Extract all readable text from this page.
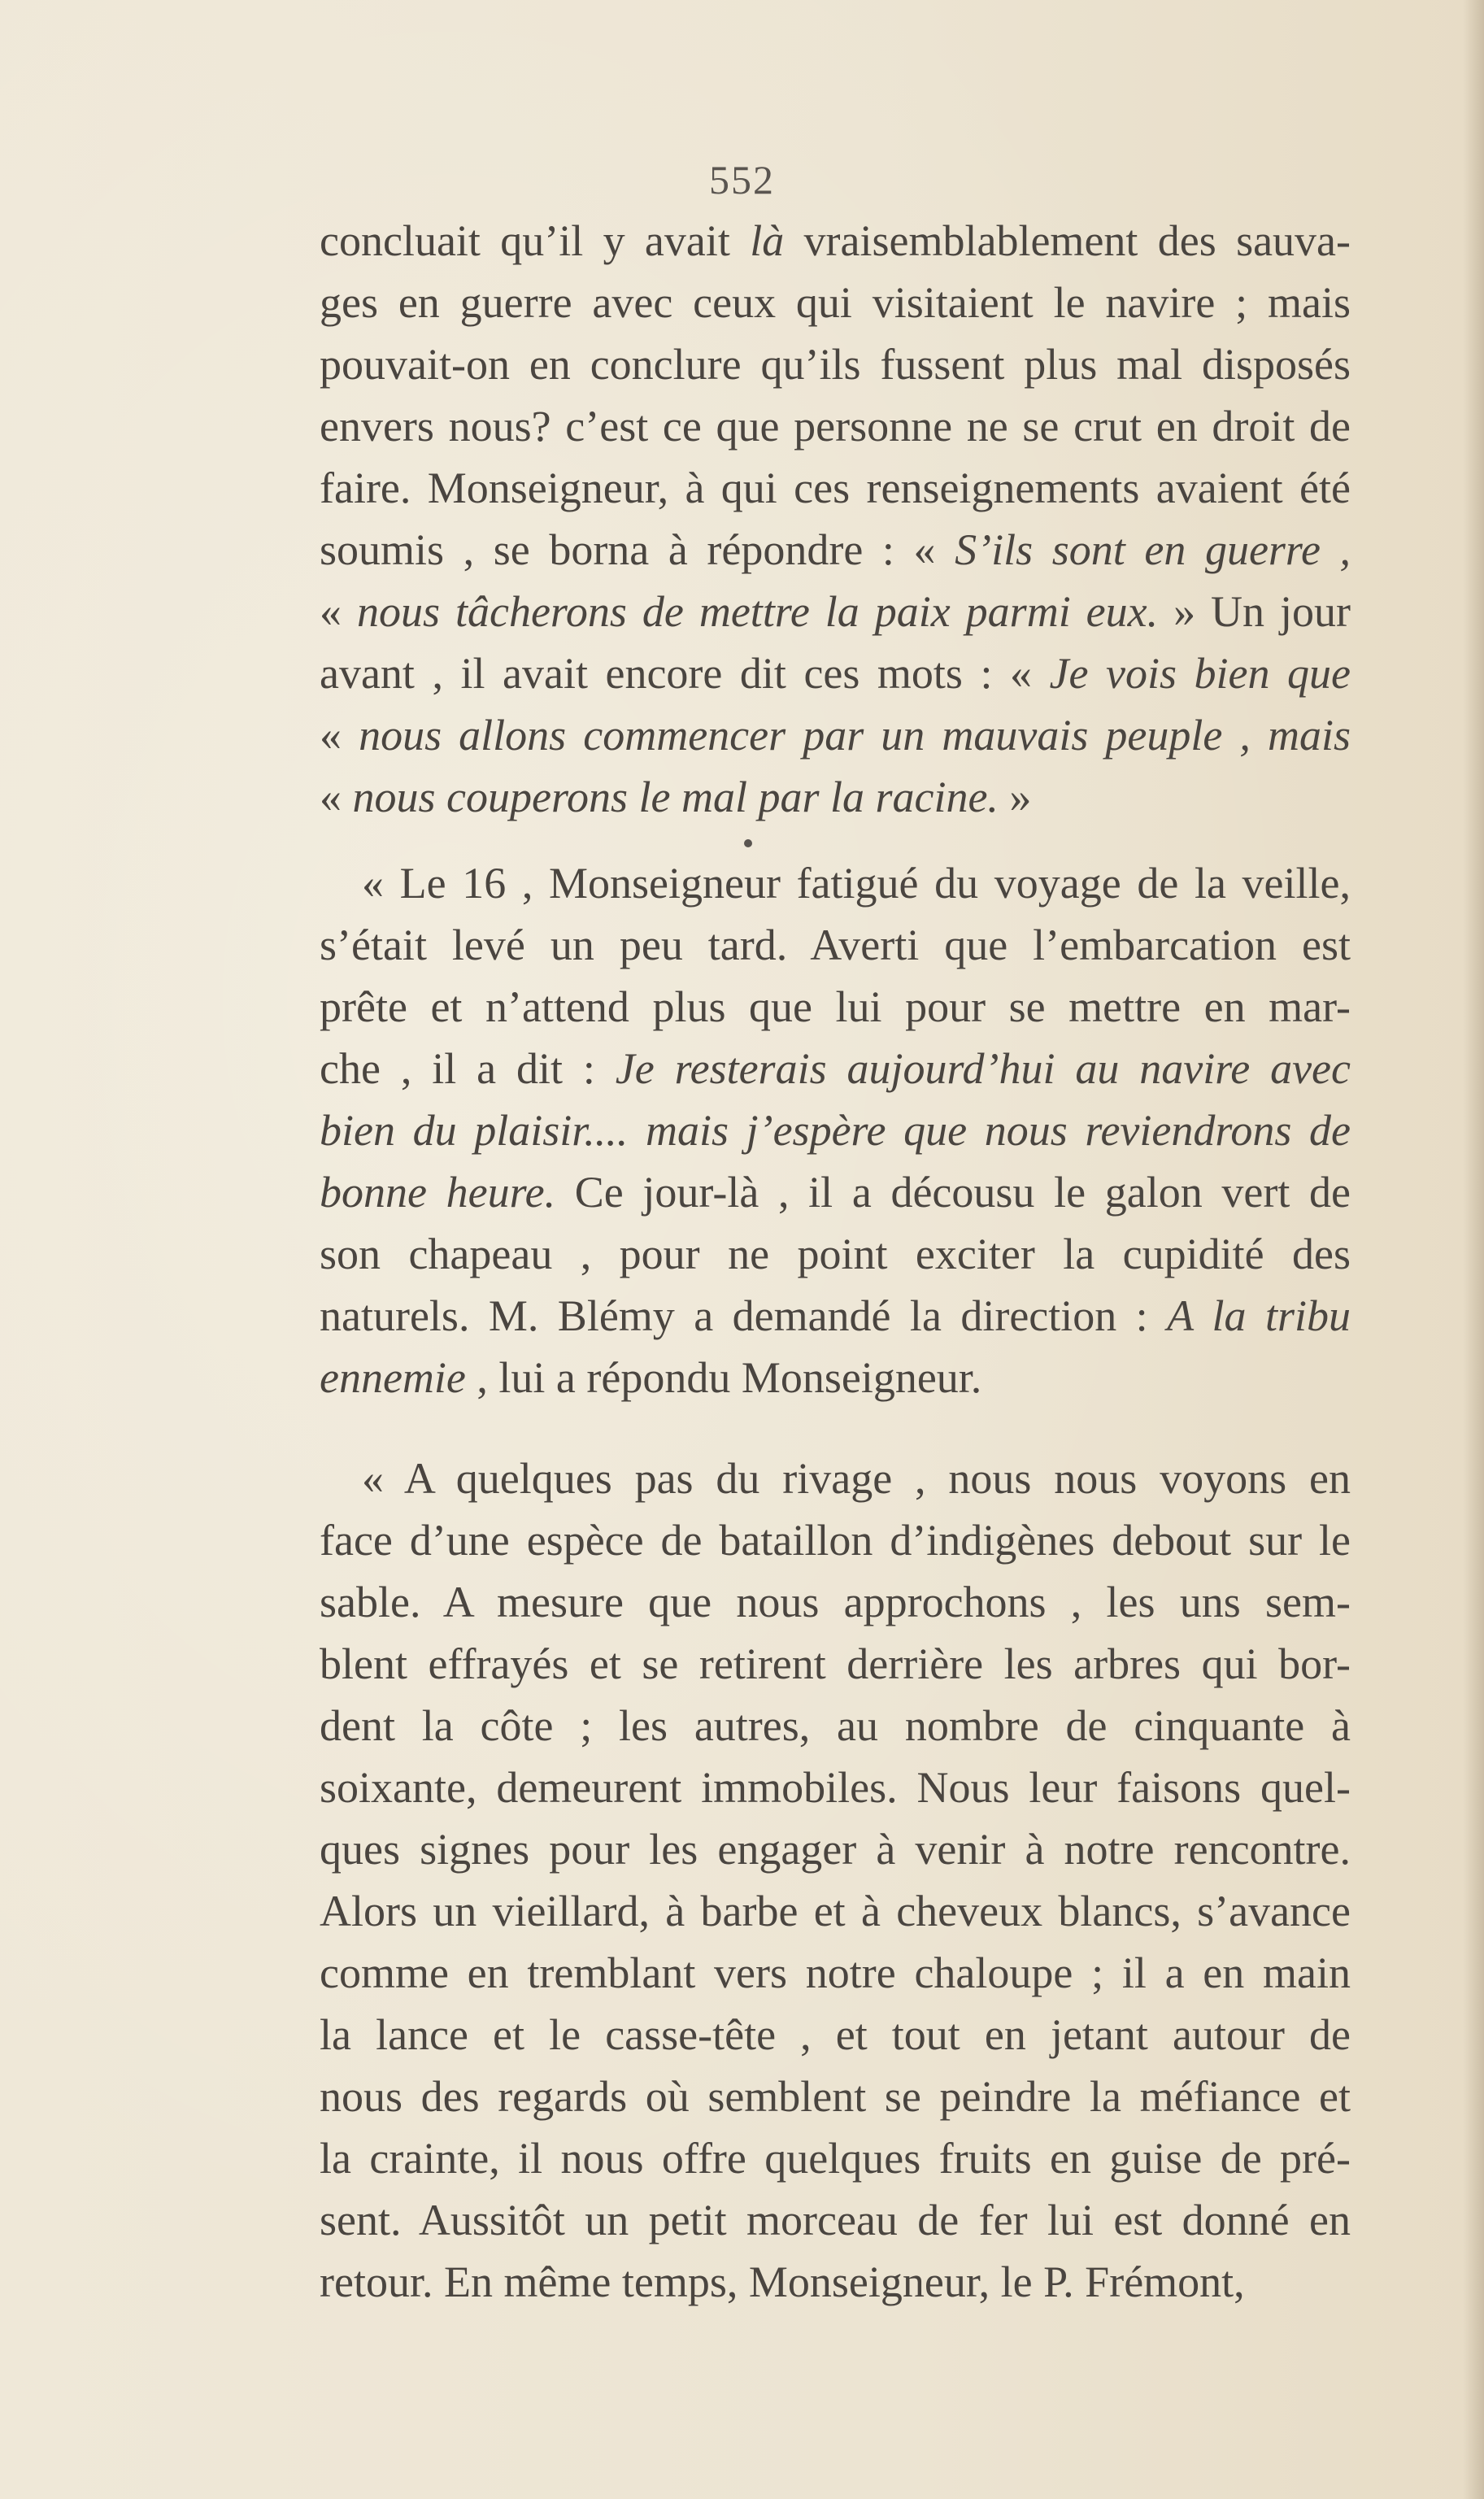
552
concluait qu’il y avait là vraisemblablement des sauva-
ges en guerre avec ceux qui visitaient le navire ; mais
pouvait-on en conclure qu’ils fussent plus mal disposés
envers nous? c’est ce que personne ne se crut en droit de
faire. Monseigneur, à qui ces renseignements avaient été
soumis , se borna à répondre : « S’ils sont en guerre ,
« nous tâcherons de mettre la paix parmi eux. » Un jour
avant , il avait encore dit ces mots : « Je vois bien que
« nous allons commencer par un mauvais peuple , mais
« nous couperons le mal par la racine. »
« Le 16 , Monseigneur fatigué du voyage de la veille,
s’était levé un peu tard. Averti que l’embarcation est
prête et n’attend plus que lui pour se mettre en mar-
che , il a dit : Je resterais aujourd’hui au navire avec
bien du plaisir.... mais j’espère que nous reviendrons de
bonne heure. Ce jour-là , il a décousu le galon vert de
son chapeau , pour ne point exciter la cupidité des
naturels. M. Blémy a demandé la direction : A la tribu
ennemie , lui a répondu Monseigneur.
« A quelques pas du rivage , nous nous voyons en
face d’une espèce de bataillon d’indigènes debout sur le
sable. A mesure que nous approchons , les uns sem-
blent effrayés et se retirent derrière les arbres qui bor-
dent la côte ; les autres, au nombre de cinquante à
soixante, demeurent immobiles. Nous leur faisons quel-
ques signes pour les engager à venir à notre rencontre.
Alors un vieillard, à barbe et à cheveux blancs, s’avance
comme en tremblant vers notre chaloupe ; il a en main
la lance et le casse-tête , et tout en jetant autour de
nous des regards où semblent se peindre la méfiance et
la crainte, il nous offre quelques fruits en guise de pré-
sent. Aussitôt un petit morceau de fer lui est donné en
retour. En même temps, Monseigneur, le P. Frémont,
